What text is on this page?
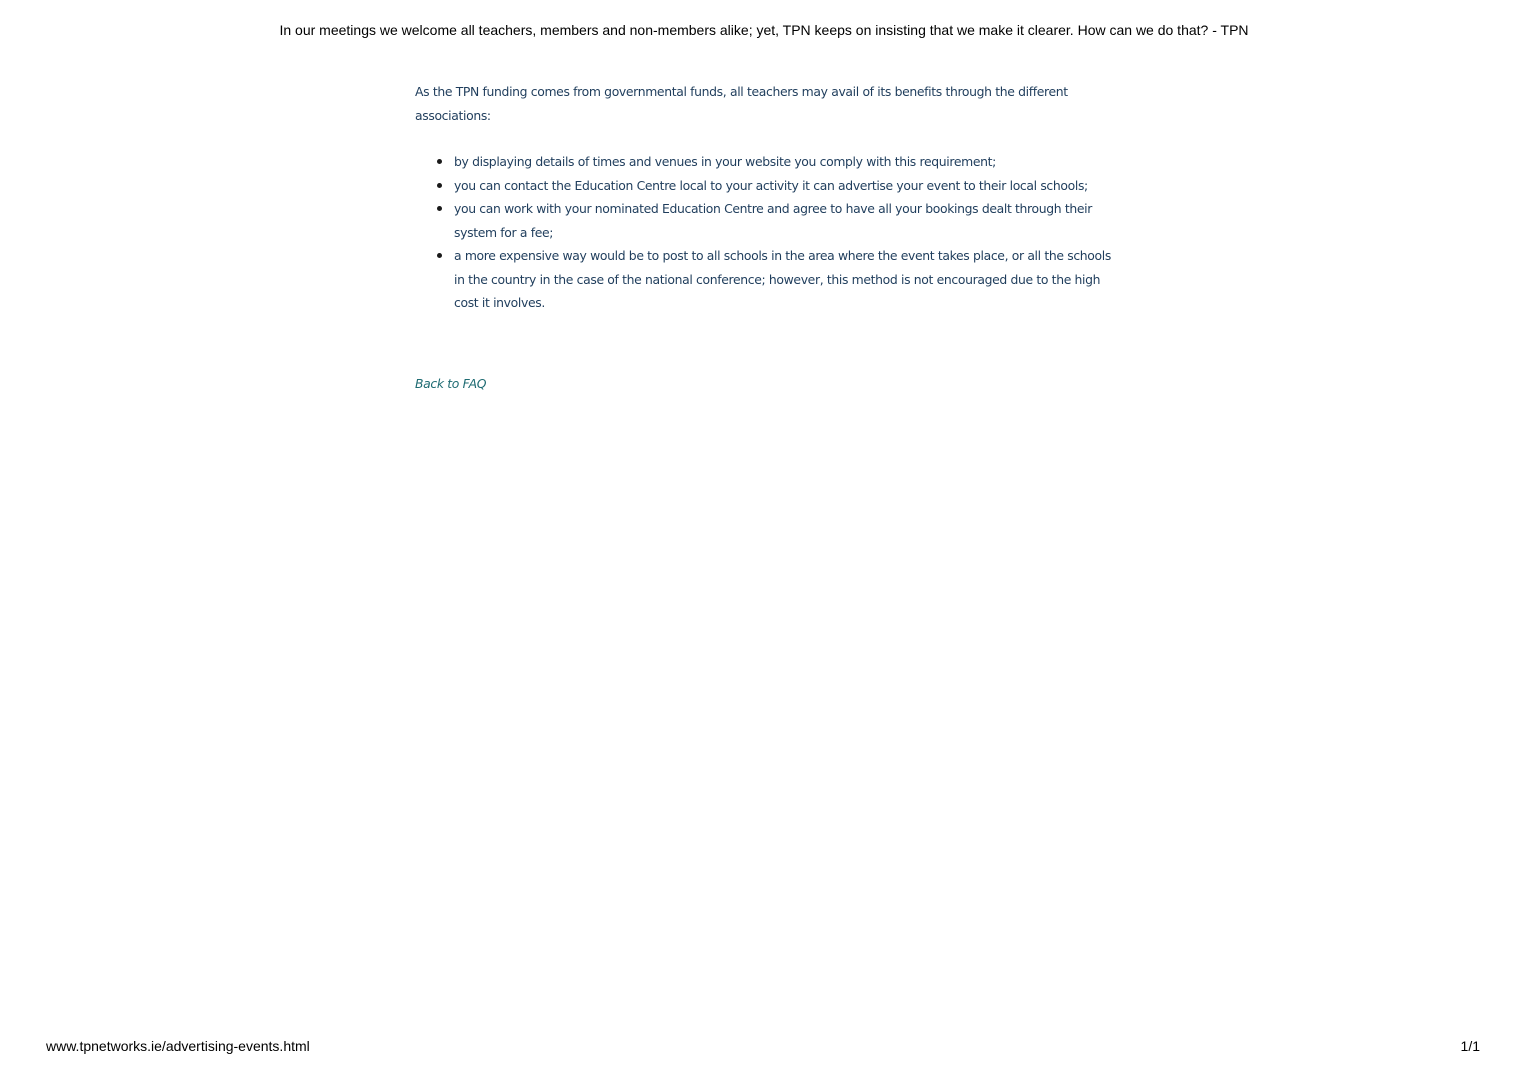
In our meetings we welcome all teachers, members and non-members alike; yet, TPN keeps on insisting that we make it clearer. How can we do that? - TPN

As the TPN funding comes from governmental funds, all teachers may avail of its benefits through the different associations:

by displaying details of times and venues in your website you comply with this requirement;
you can contact the Education Centre local to your activity it can advertise your event to their local schools;
you can work with your nominated Education Centre and agree to have all your bookings dealt through their system for a fee;
a more expensive way would be to post to all schools in the area where the event takes place, or all the schools in the country in the case of the national conference; however, this method is not encouraged due to the high cost it involves.
Back to FAQ
www.tpnetworks.ie/advertising-events.html	1/1
